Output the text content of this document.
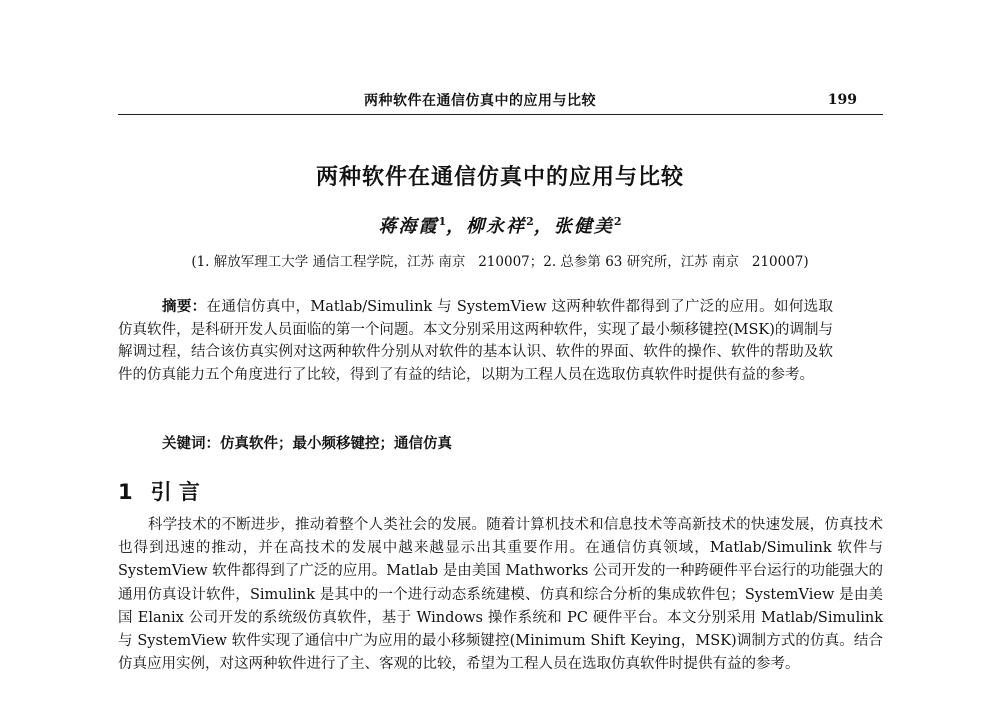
两种软件在通信仿真中的应用与比较	199
两种软件在通信仿真中的应用与比较
蒋海霞$^1$，柳永祥$^2$，张健美$^2$
(1. 解放军理工大学 通信工程学院，江苏 南京   210007；2. 总参第 63 研究所，江苏 南京   210007)
摘要：在通信仿真中，Matlab/Simulink 与 SystemView 这两种软件都得到了广泛的应用。如何选取仿真软件，是科研开发人员面临的第一个问题。本文分别采用这两种软件，实现了最小频移键控(MSK)的调制与解调过程，结合该仿真实例对这两种软件分别从对软件的基本认识、软件的界面、软件的操作、软件的帮助及软件的仿真能力五个角度进行了比较，得到了有益的结论，以期为工程人员在选取仿真软件时提供有益的参考。
关键词：仿真软件；最小频移键控；通信仿真
1 引 言
科学技术的不断进步，推动着整个人类社会的发展。随着计算机技术和信息技术等高新技术的快速发展，仿真技术也得到迅速的推动，并在高技术的发展中越来越显示出其重要作用。在通信仿真领域，Matlab/Simulink 软件与 SystemView 软件都得到了广泛的应用。Matlab 是由美国 Mathworks 公司开发的一种跨硬件平台运行的功能强大的通用仿真设计软件，Simulink 是其中的一个进行动态系统建模、仿真和综合分析的集成软件包；SystemView 是由美国 Elanix 公司开发的系统级仿真软件，基于 Windows 操作系统和 PC 硬件平台。本文分别采用 Matlab/Simulink 与 SystemView 软件实现了通信中广为应用的最小移频键控(Minimum Shift Keying，MSK)调制方式的仿真。结合仿真应用实例，对这两种软件进行了主、客观的比较，希望为工程人员在选取仿真软件时提供有益的参考。
